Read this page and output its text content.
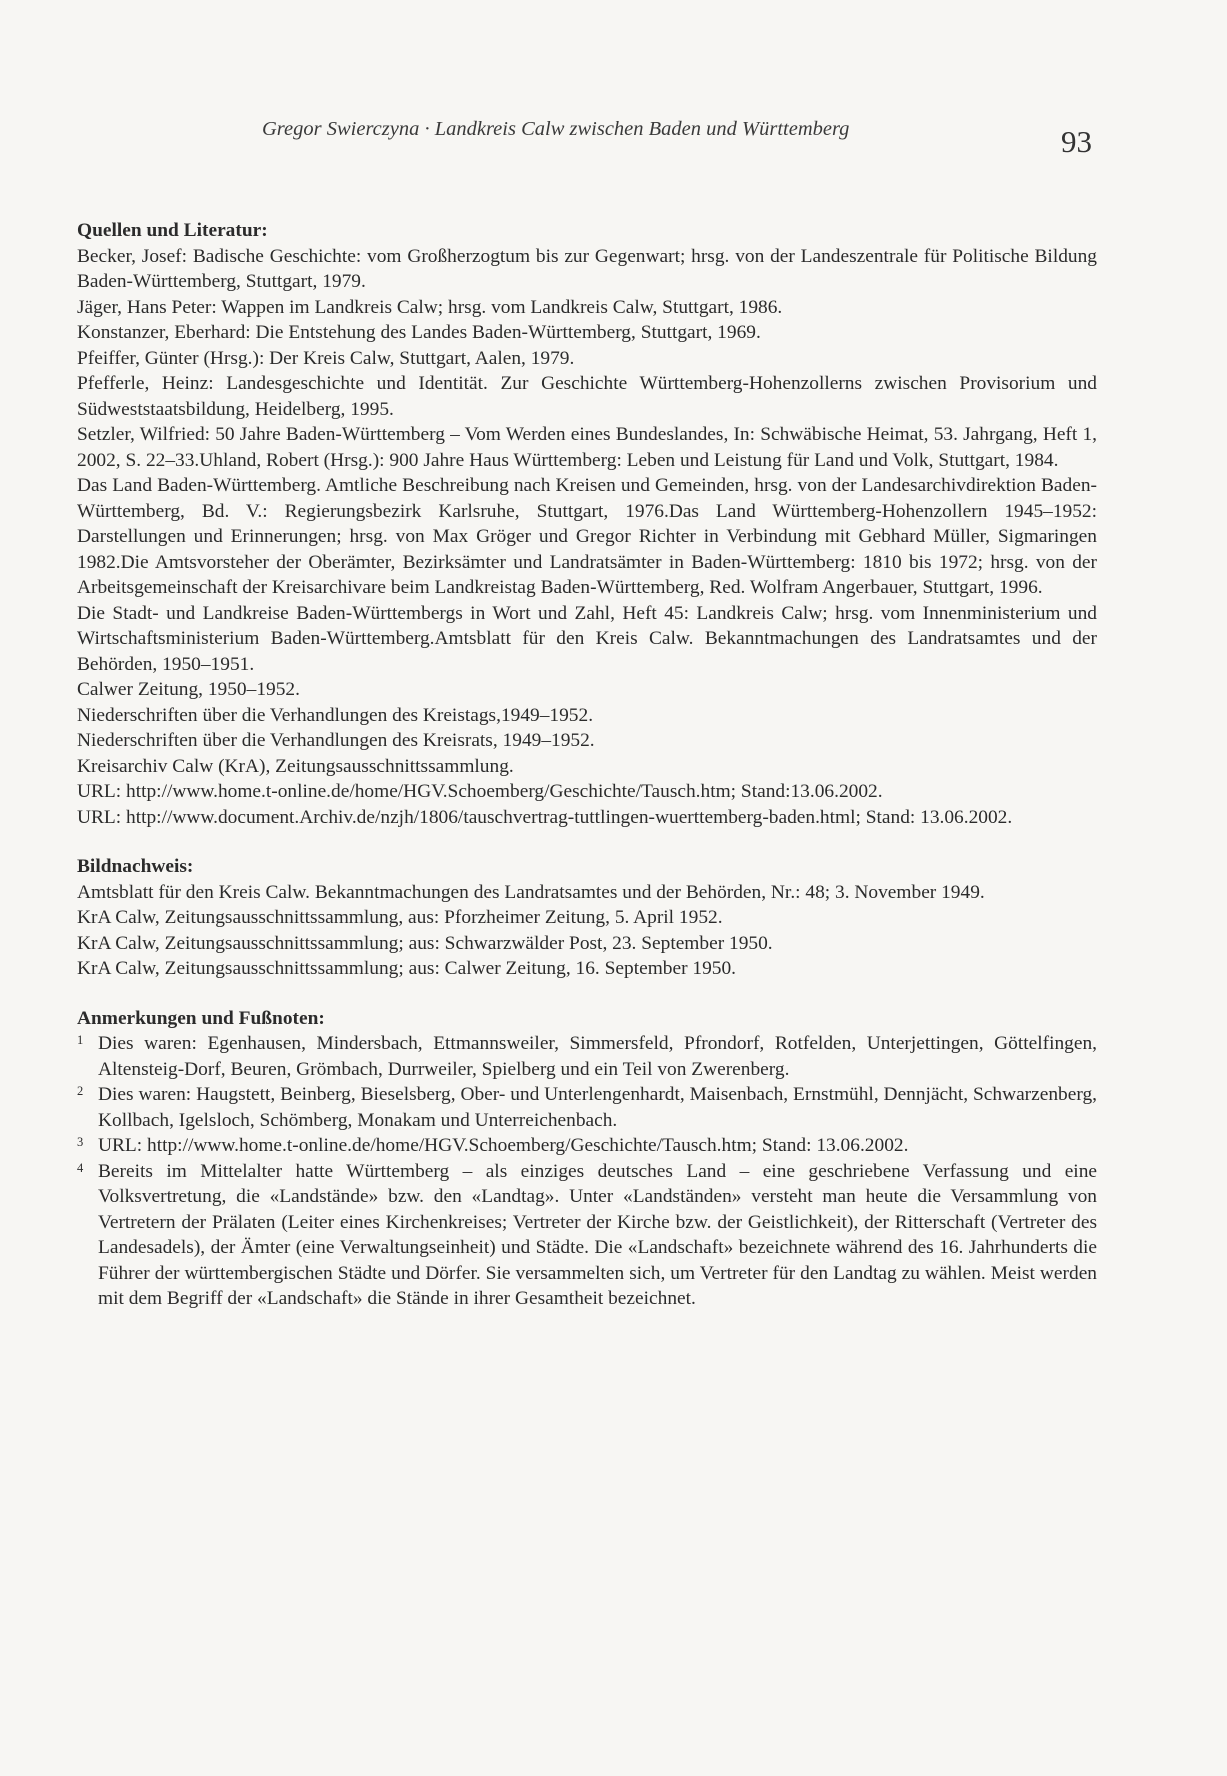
Gregor Swierczyna · Landkreis Calw zwischen Baden und Württemberg	93

Quellen und Literatur:

Becker, Josef: Badische Geschichte: vom Großherzogtum bis zur Gegenwart; hrsg. von der Landeszentrale für Politische Bildung Baden-Württemberg, Stuttgart, 1979.

Jäger, Hans Peter: Wappen im Landkreis Calw; hrsg. vom Landkreis Calw, Stuttgart, 1986.

Konstanzer, Eberhard: Die Entstehung des Landes Baden-Württemberg, Stuttgart, 1969.

Pfeiffer, Günter (Hrsg.): Der Kreis Calw, Stuttgart, Aalen, 1979.

Pfefferle, Heinz: Landesgeschichte und Identität. Zur Geschichte Württemberg-Hohenzollerns zwischen Provisorium und Südweststaatsbildung, Heidelberg, 1995.

Setzler, Wilfried: 50 Jahre Baden-Württemberg – Vom Werden eines Bundeslandes, In: Schwäbische Heimat, 53. Jahrgang, Heft 1, 2002, S. 22–33.Uhland, Robert (Hrsg.): 900 Jahre Haus Württemberg: Leben und Leistung für Land und Volk, Stuttgart, 1984.

Das Land Baden-Württemberg. Amtliche Beschreibung nach Kreisen und Gemeinden, hrsg. von der Landesarchivdirektion Baden-Württemberg, Bd. V.: Regierungsbezirk Karlsruhe, Stuttgart, 1976.Das Land Württemberg-Hohenzollern 1945–1952: Darstellungen und Erinnerungen; hrsg. von Max Gröger und Gregor Richter in Verbindung mit Gebhard Müller, Sigmaringen 1982.Die Amtsvorsteher der Oberämter, Bezirksämter und Landratsämter in Baden-Württemberg: 1810 bis 1972; hrsg. von der Arbeitsgemeinschaft der Kreisarchivare beim Landkreistag Baden-Württemberg, Red. Wolfram Angerbauer, Stuttgart, 1996.

Die Stadt- und Landkreise Baden-Württembergs in Wort und Zahl, Heft 45: Landkreis Calw; hrsg. vom Innenministerium und Wirtschaftsministerium Baden-Württemberg.Amtsblatt für den Kreis Calw. Bekanntmachungen des Landratsamtes und der Behörden, 1950–1951.

Calwer Zeitung, 1950–1952.

Niederschriften über die Verhandlungen des Kreistags,1949–1952.

Niederschriften über die Verhandlungen des Kreisrats, 1949–1952.

Kreisarchiv Calw (KrA), Zeitungsausschnittssammlung.

URL: http://www.home.t-online.de/home/HGV.Schoemberg/Geschichte/Tausch.htm; Stand:13.06.2002.

URL: http://www.document.Archiv.de/nzjh/1806/tauschvertrag-tuttlingen-wuerttemberg-baden.html; Stand: 13.06.2002.

Bildnachweis:

Amtsblatt für den Kreis Calw. Bekanntmachungen des Landratsamtes und der Behörden, Nr.: 48; 3. November 1949.

KrA Calw, Zeitungsausschnittssammlung, aus: Pforzheimer Zeitung, 5. April 1952.

KrA Calw, Zeitungsausschnittssammlung; aus: Schwarzwälder Post, 23. September 1950.

KrA Calw, Zeitungsausschnittssammlung; aus: Calwer Zeitung, 16. September 1950.

Anmerkungen und Fußnoten:

1 Dies waren: Egenhausen, Mindersbach, Ettmannsweiler, Simmersfeld, Pfrondorf, Rotfelden, Unterjettingen, Göttelfingen, Altensteig-Dorf, Beuren, Grömbach, Durrweiler, Spielberg und ein Teil von Zwerenberg.

2 Dies waren: Haugstett, Beinberg, Bieselsberg, Ober- und Unterlengenhardt, Maisenbach, Ernstmühl, Dennjächt, Schwarzenberg, Kollbach, Igelsloch, Schömberg, Monakam und Unterreichenbach.

3 URL: http://www.home.t-online.de/home/HGV.Schoemberg/Geschichte/Tausch.htm; Stand: 13.06.2002.

4 Bereits im Mittelalter hatte Württemberg – als einziges deutsches Land – eine geschriebene Verfassung und eine Volksvertretung, die «Landstände» bzw. den «Landtag». Unter «Landständen» versteht man heute die Versammlung von Vertretern der Prälaten (Leiter eines Kirchenkreises; Vertreter der Kirche bzw. der Geistlichkeit), der Ritterschaft (Vertreter des Landesadels), der Ämter (eine Verwaltungseinheit) und Städte. Die «Landschaft» bezeichnete während des 16. Jahrhunderts die Führer der württembergischen Städte und Dörfer. Sie versammelten sich, um Vertreter für den Landtag zu wählen. Meist werden mit dem Begriff der «Landschaft» die Stände in ihrer Gesamtheit bezeichnet.
